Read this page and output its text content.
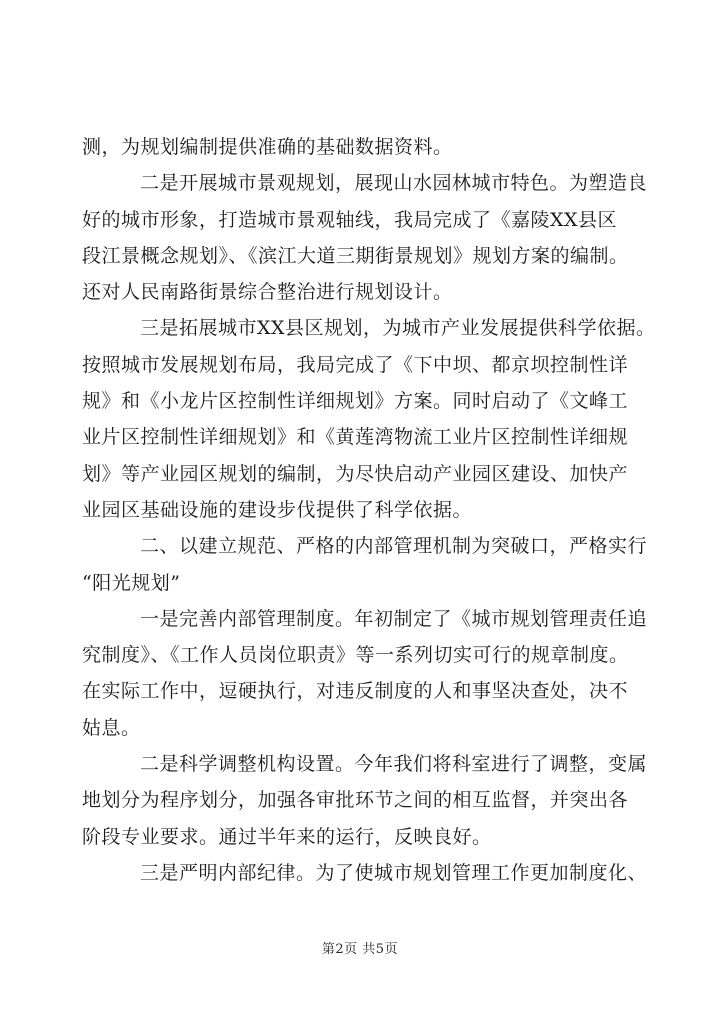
测，为规划编制提供准确的基础数据资料。
二是开展城市景观规划，展现山水园林城市特色。为塑造良
好的城市形象，打造城市景观轴线，我局完成了《嘉陵XX县区
段江景概念规划》、《滨江大道三期街景规划》规划方案的编制。
还对人民南路街景综合整治进行规划设计。
三是拓展城市XX县区规划，为城市产业发展提供科学依据。
按照城市发展规划布局，我局完成了《下中坝、都京坝控制性详
规》和《小龙片区控制性详细规划》方案。同时启动了《文峰工
业片区控制性详细规划》和《黄莲湾物流工业片区控制性详细规
划》等产业园区规划的编制，为尽快启动产业园区建设、加快产
业园区基础设施的建设步伐提供了科学依据。
二、以建立规范、严格的内部管理机制为突破口，严格实行
“阳光规划”
一是完善内部管理制度。年初制定了《城市规划管理责任追
究制度》、《工作人员岗位职责》等一系列切实可行的规章制度。
在实际工作中，逗硬执行，对违反制度的人和事坚决查处，决不
姑息。
二是科学调整机构设置。今年我们将科室进行了调整，变属
地划分为程序划分，加强各审批环节之间的相互监督，并突出各
阶段专业要求。通过半年来的运行，反映良好。
三是严明内部纪律。为了使城市规划管理工作更加制度化、
第2页 共5页
